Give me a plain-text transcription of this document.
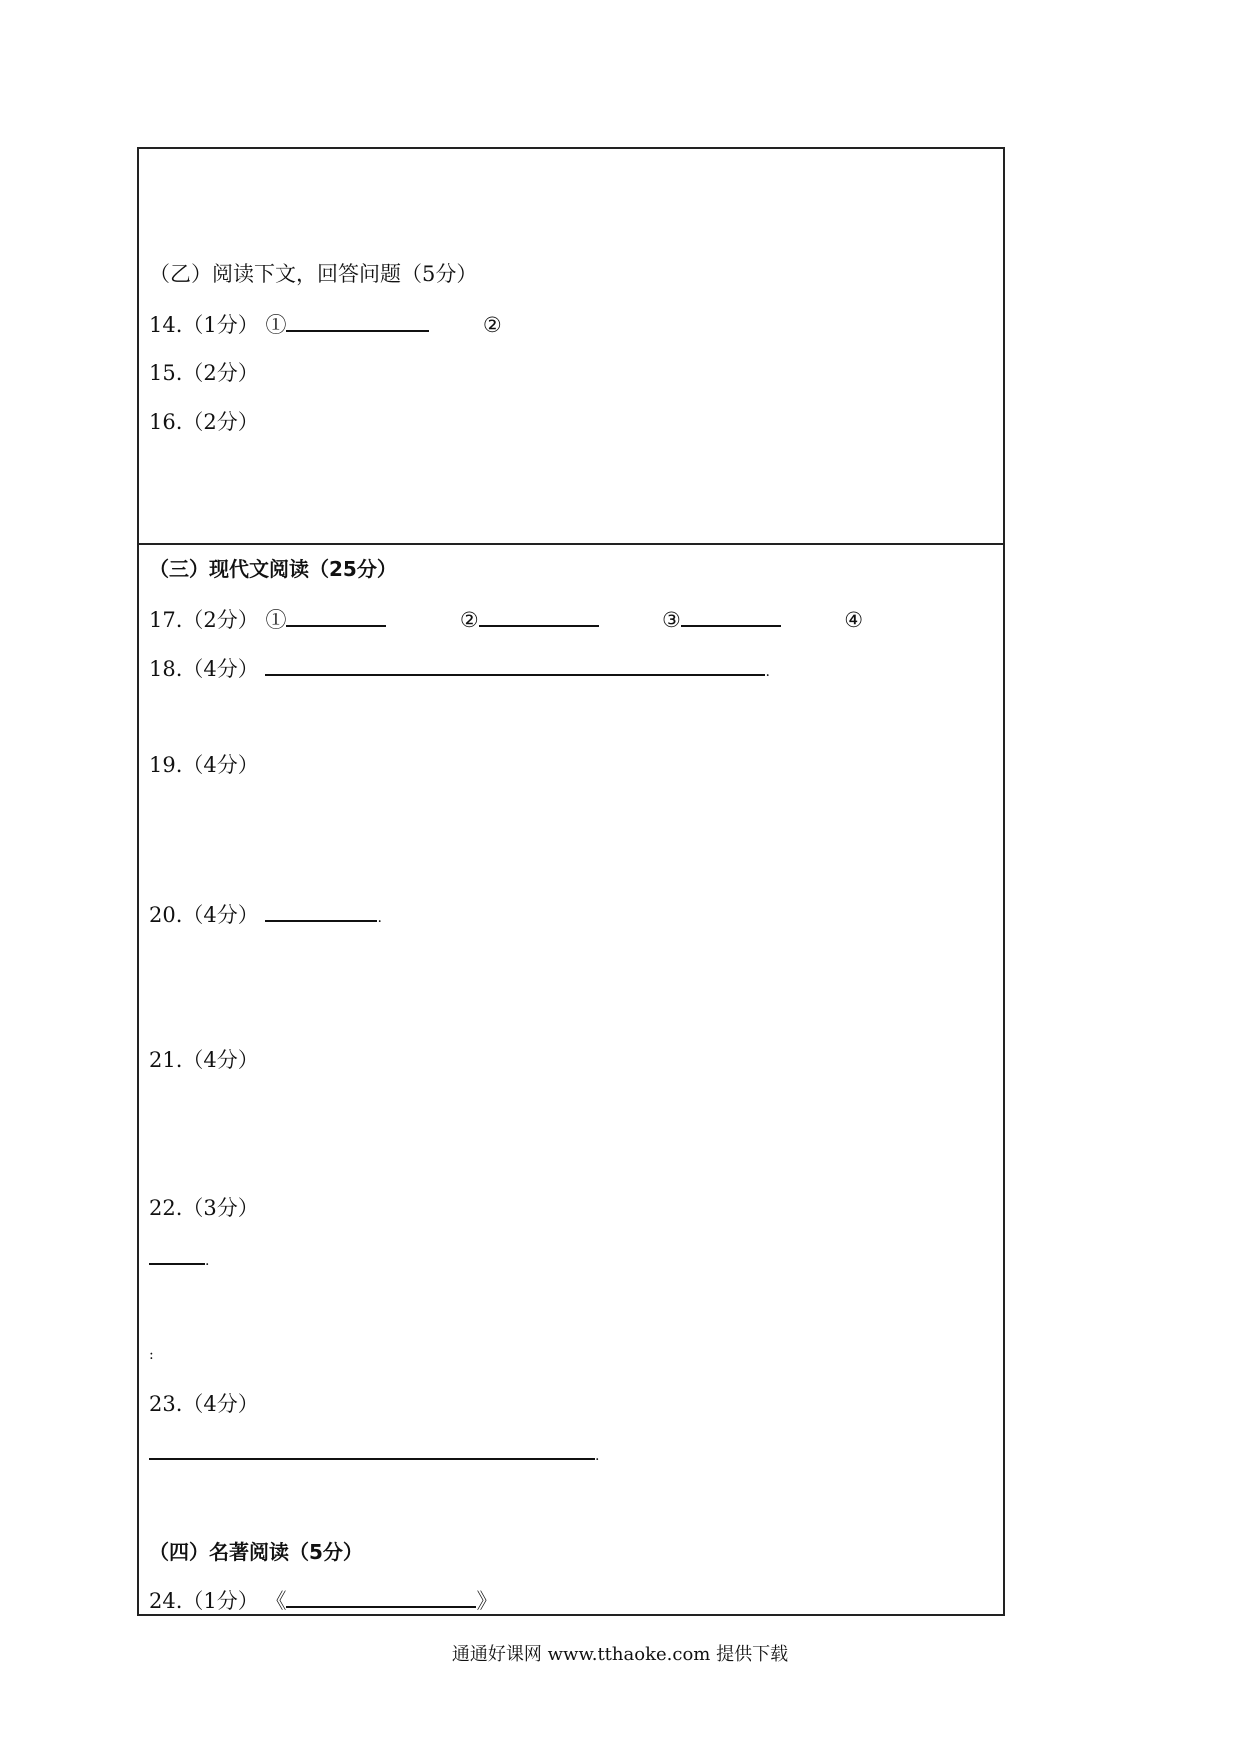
（乙）阅读下文，回答问题（5分）
14.（1分） ①	②
15.（2分）
16.（2分）
（三）现代文阅读（25分）
17.（2分） ①	②	③	④
18.（4分）	.
19.（4分）
20.（4分）	.
21.（4分）
22.（3分）
.
:
23.（4分）
.
（四）名著阅读（5分）
24.（1分） 《	》
通通好课网 www.tthaoke.com 提供下载
